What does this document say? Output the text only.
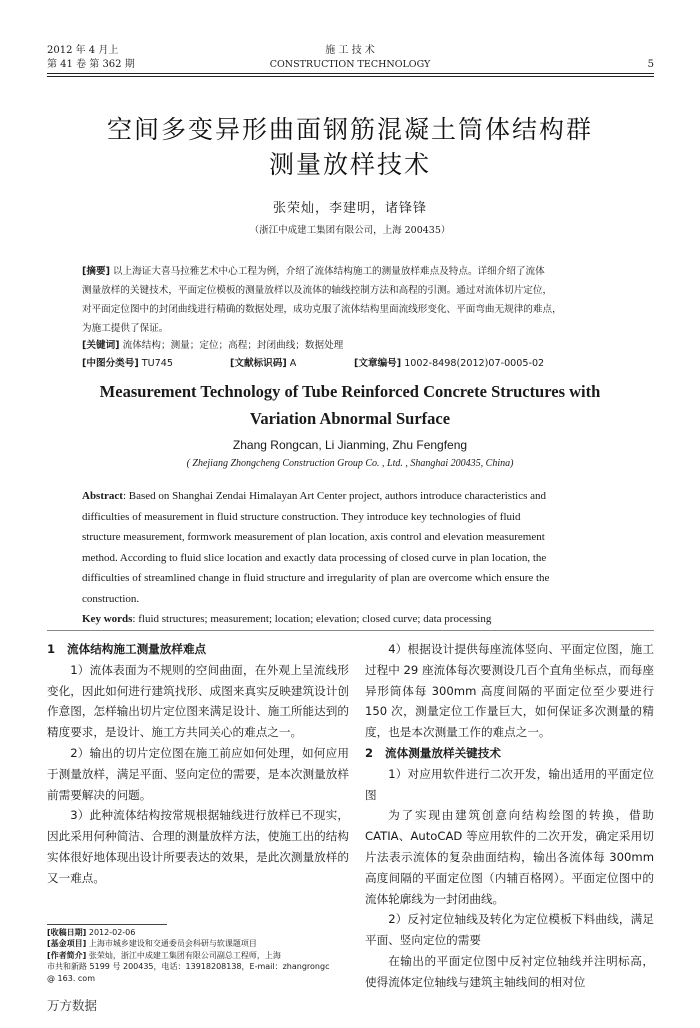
2012 年 4 月上
第 41 卷 第 362 期
施 工 技 术
CONSTRUCTION TECHNOLOGY	5
空间多变异形曲面钢筋混凝土筒体结构群
测量放样技术
张荣灿，李建明，诸锋锋
（浙江中成建工集团有限公司，上海 200435）
[摘要] 以上海证大喜马拉雅艺术中心工程为例，介绍了流体结构施工的测量放样难点及特点。详细介绍了流体
测量放样的关键技术，平面定位模板的测量放样以及流体的轴线控制方法和高程的引测。通过对流体切片定位，
对平面定位图中的封闭曲线进行精确的数据处理，成功克服了流体结构里面流线形变化、平面弯曲无规律的难点，
为施工提供了保证。
[关键词] 流体结构；测量；定位；高程；封闭曲线；数据处理
[中图分类号] TU745	[文献标识码] A	[文章编号] 1002-8498(2012)07-0005-02
Measurement Technology of Tube Reinforced Concrete Structures with
Variation Abnormal Surface
Zhang Rongcan, Li Jianming, Zhu Fengfeng
( Zhejiang Zhongcheng Construction Group Co. , Ltd. , Shanghai 200435, China)
Abstract: Based on Shanghai Zendai Himalayan Art Center project, authors introduce characteristics and
difficulties of measurement in fluid structure construction. They introduce key technologies of fluid
structure measurement, formwork measurement of plan location, axis control and elevation measurement
method. According to fluid slice location and exactly data processing of closed curve in plan location, the
difficulties of streamlined change in fluid structure and irregularity of plan are overcome which ensure the
construction.
Key words: fluid structures; measurement; location; elevation; closed curve; data processing
1 流体结构施工测量放样难点

1）流体表面为不规则的空间曲面，在外观上呈流线形变化，因此如何进行建筑找形、成图来真实反映建筑设计创作意图，怎样输出切片定位图来满足设计、施工所能达到的精度要求，是设计、施工方共同关心的难点之一。

2）输出的切片定位图在施工前应如何处理，如何应用于测量放样，满足平面、竖向定位的需要，是本次测量放样前需要解决的问题。

3）此种流体结构按常规根据轴线进行放样已不现实，因此采用何种简洁、合理的测量放样方法，使施工出的结构实体很好地体现出设计所要表达的效果，是此次测量放样的又一难点。

[收稿日期] 2012-02-06
[基金项目] 上海市城乡建设和交通委员会科研与软课题项目
[作者简介] 张荣灿，浙江中成建工集团有限公司副总工程师，上海
市共和新路 5199 号 200435，电话：13918208138，E-mail：zhangrongc
@ 163. com
万方数据

4）根据设计提供每座流体竖向、平面定位图，施工过程中 29 座流体每次要测设几百个直角坐标点，而每座异形筒体每 300mm 高度间隔的平面定位至少要进行 150 次，测量定位工作量巨大，如何保证多次测量的精度，也是本次测量工作的难点之一。

2 流体测量放样关键技术

1）对应用软件进行二次开发，输出适用的平面定位图

为了实现由建筑创意向结构绘图的转换，借助 CATIA、AutoCAD 等应用软件的二次开发，确定采用切片法表示流体的复杂曲面结构，输出各流体每 300mm 高度间隔的平面定位图（内辅百格网）。平面定位图中的流体轮廓线为一封闭曲线。

2）反衬定位轴线及转化为定位模板下料曲线，满足平面、竖向定位的需要

在输出的平面定位图中反衬定位轴线并注明标高，使得流体定位轴线与建筑主轴线间的相对位
